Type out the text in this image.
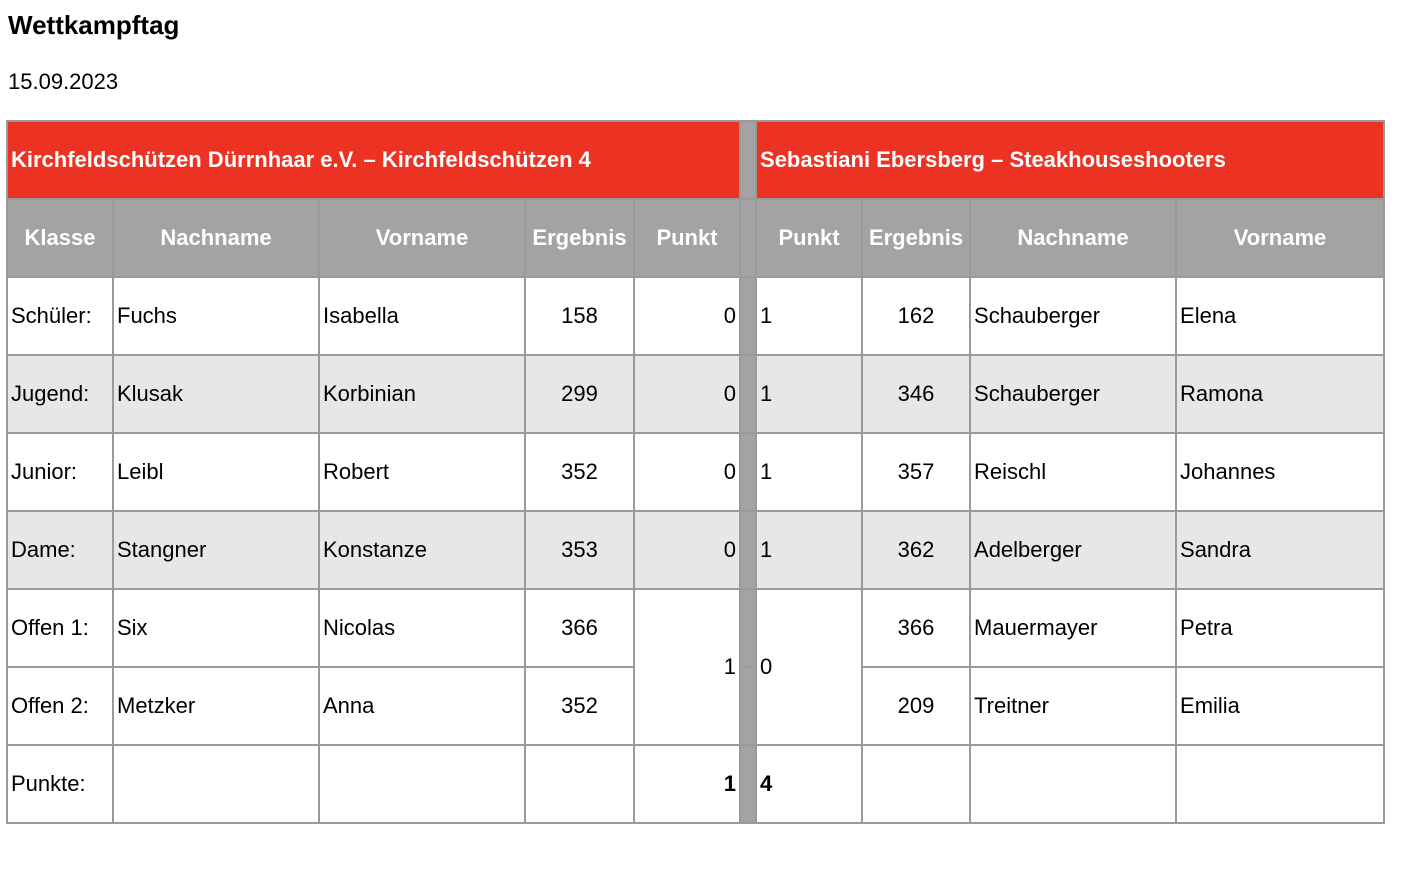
Wettkampftag

15.09.2023

Kirchfeldschützen Dürrnhaar e.V. – Kirchfeldschützen 4						Sebastiani Ebersberg – Steakhouseshooters			
Klasse	Nachname	Vorname	Ergebnis	Punkt		Punkt	Ergebnis	Nachname	Vorname
Schüler:	Fuchs	Isabella	158	0		1	162	Schauberger	Elena
Jugend:	Klusak	Korbinian	299	0		1	346	Schauberger	Ramona
Junior:	Leibl	Robert	352	0		1	357	Reischl	Johannes
Dame:	Stangner	Konstanze	353	0		1	362	Adelberger	Sandra
Offen 1:	Six	Nicolas	366	1		0	366	Mauermayer	Petra
Offen 2:	Metzker	Anna	352				209	Treitner	Emilia
Punkte:				1		4			
